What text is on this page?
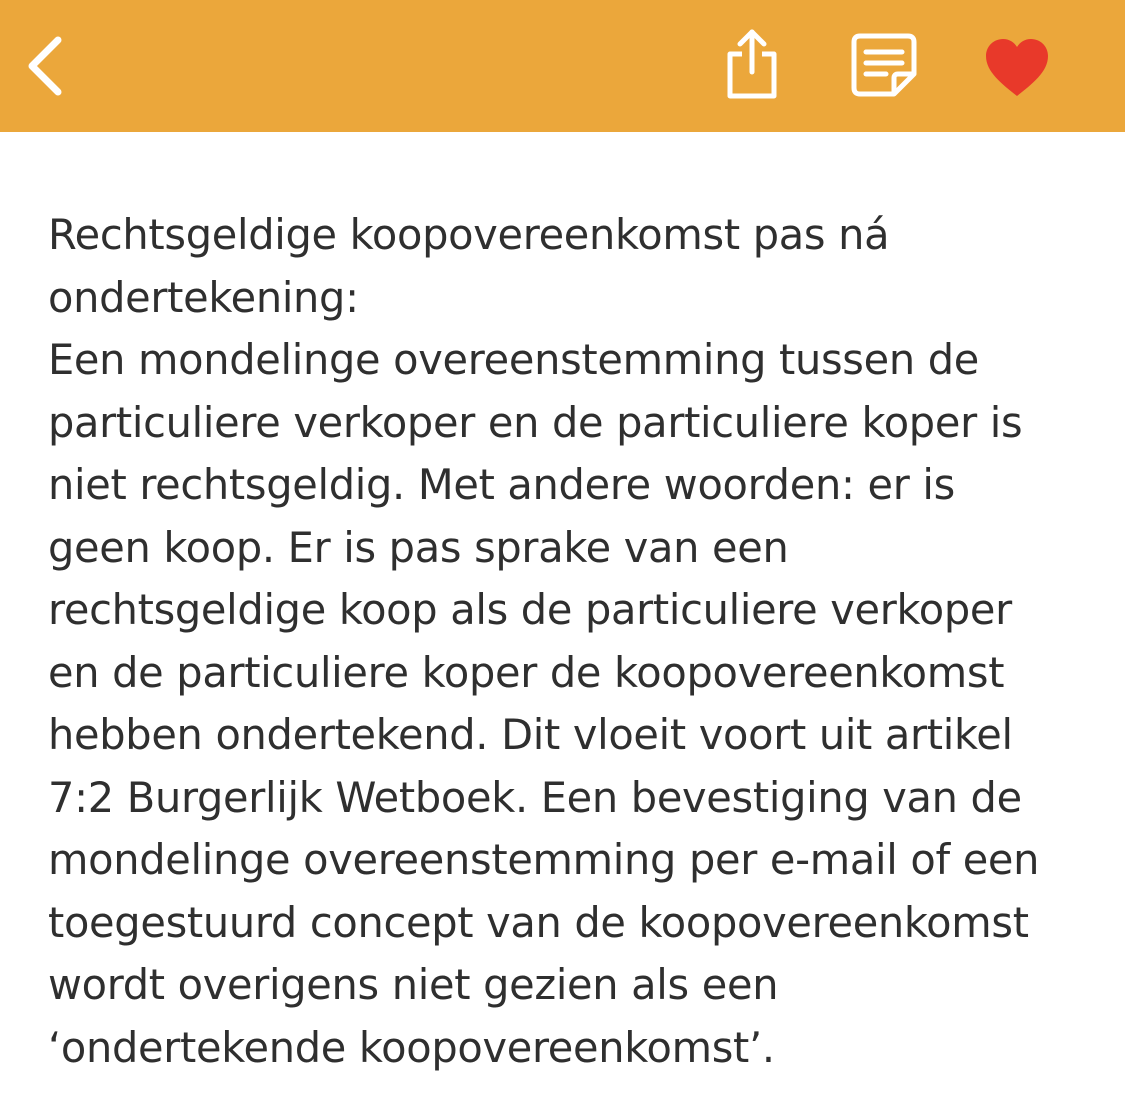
Rechtsgeldige koopovereenkomst pas ná
ondertekening:
Een mondelinge overeenstemming tussen de
particuliere verkoper en de particuliere koper is
niet rechtsgeldig. Met andere woorden: er is
geen koop. Er is pas sprake van een
rechtsgeldige koop als de particuliere verkoper
en de particuliere koper de koopovereenkomst
hebben ondertekend. Dit vloeit voort uit artikel
7:2 Burgerlijk Wetboek. Een bevestiging van de
mondelinge overeenstemming per e-mail of een
toegestuurd concept van de koopovereenkomst
wordt overigens niet gezien als een
‘ondertekende koopovereenkomst’.
